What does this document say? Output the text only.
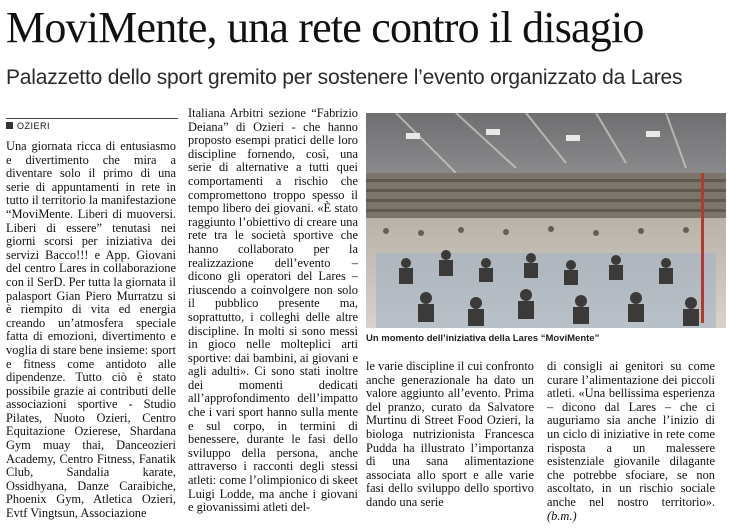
MoviMente, una rete contro il disagio
Palazzetto dello sport gremito per sostenere l’evento organizzato da Lares
$^{OZIERI}$

Una giornata ricca di entusiasmo e divertimento che mira a diventare solo il primo di una serie di appuntamenti in rete in tutto il territorio la manifestazione “MoviMente. Liberi di muoversi. Liberi di essere” tenutasi nei giorni scorsi per iniziativa dei servizi Bacco!!! e App. Giovani del centro Lares in collaborazione con il SerD. Per tutta la giornata il palasport Gian Piero Murratzu si è riempito di vita ed energia creando un’atmosfera speciale fatta di emozioni, divertimento e voglia di stare bene insieme: sport e fitness come antidoto alle dipendenze. Tutto ciò è stato possibile grazie ai contributi delle associazioni sportive - Studio Pilates, Nuoto Ozieri, Centro Equitazione Ozierese, Shardana Gym muay thai, Danceozieri Academy, Centro Fitness, Fanatik Club, Sandalia karate, Ossidhyana, Danze Caraibiche, Phoenix Gym, Atletica Ozieri, Evtf Vingtsun, Associazione

Italiana Arbitri sezione “Fabrizio Deiana” di Ozieri - che hanno proposto esempi pratici delle loro discipline fornendo, così, una serie di alternative a tutti quei comportamenti a rischio che compromettono troppo spesso il tempo libero dei giovani. «È stato raggiunto l’obiettivo di creare una rete tra le società sportive che hanno collaborato per la realizzazione dell’evento – dicono gli operatori del Lares – riuscendo a coinvolgere non solo il pubblico presente ma, soprattutto, i colleghi delle altre discipline. In molti si sono messi in gioco nelle molteplici arti sportive: dai bambini, ai giovani e agli adulti». Ci sono stati inoltre dei momenti dedicati all’approfondimento dell’impatto che i vari sport hanno sulla mente e sul corpo, in termini di benessere, durante le fasi dello sviluppo della persona, anche attraverso i racconti degli stessi atleti: come l’olimpionico di skeet Luigi Lodde, ma anche i giovani e giovanissimi atleti del-

Un momento dell’iniziativa della Lares “MoviMente”

le varie discipline il cui confronto anche generazionale ha dato un valore aggiunto all’evento. Prima del pranzo, curato da Salvatore Murtinu di Street Food Ozieri, la biologa nutrizionista Francesca Pudda ha illustrato l’importanza di una sana alimentazione associata allo sport e alle varie fasi dello sviluppo dello sportivo dando una serie

di consigli ai genitori su come curare l’alimentazione dei piccoli atleti. «Una bellissima esperienza – dicono dal Lares – che ci auguriamo sia anche l’inizio di un ciclo di iniziative in rete come risposta a un malessere esistenziale giovanile dilagante che potrebbe sfociare, se non ascoltato, in un rischio sociale anche nel nostro territorio». (b.m.)
